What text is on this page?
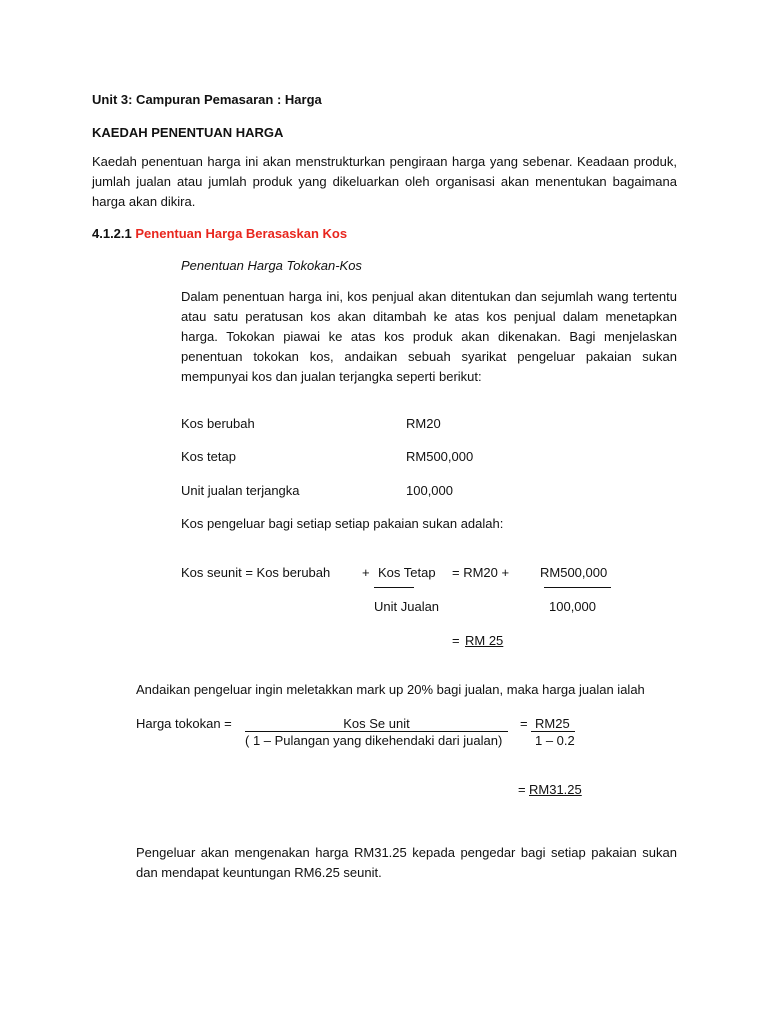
Unit 3: Campuran Pemasaran : Harga
KAEDAH PENENTUAN HARGA
Kaedah penentuan harga ini akan menstrukturkan pengiraan harga yang sebenar. Keadaan produk, jumlah jualan atau jumlah produk yang dikeluarkan oleh organisasi akan menentukan bagaimana harga akan dikira.
4.1.2.1 Penentuan Harga Berasaskan Kos
Penentuan Harga Tokokan-Kos
Dalam penentuan harga ini, kos penjual akan ditentukan dan sejumlah wang tertentu atau satu peratusan kos akan ditambah ke atas kos penjual dalam menetapkan harga. Tokokan piawai ke atas kos produk akan dikenakan. Bagi menjelaskan penentuan tokokan kos, andaikan sebuah syarikat pengeluar pakaian sukan mempunyai kos dan jualan terjangka seperti berikut:
Kos berubah	RM20
Kos tetap	RM500,000
Unit jualan terjangka	100,000
Kos pengeluar bagi setiap setiap pakaian sukan adalah:
Kos seunit = Kos berubah + Kos Tetap = RM20 + RM500,000
Unit Jualan	100,000
= RM 25
Andaikan pengeluar ingin meletakkan mark up 20% bagi jualan, maka harga jualan ialah
Harga tokokan =	Kos Se unit
( 1 – Pulangan yang dikehendaki dari jualan)
= RM25
1 – 0.2
= RM31.25
Pengeluar akan mengenakan harga RM31.25 kepada pengedar bagi setiap pakaian sukan dan mendapat keuntungan RM6.25 seunit.
